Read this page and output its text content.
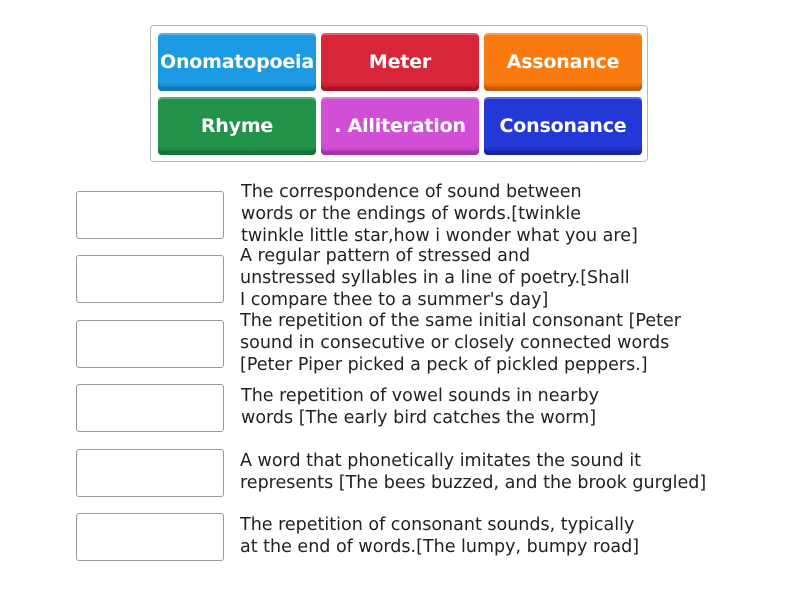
Onomatopoeia	Meter	Assonance
Rhyme	. Alliteration Consonance
The correspondence of sound between
words or the endings of words.[twinkle
twinkle little star,how i wonder what you are]
A regular pattern of stressed and
unstressed syllables in a line of poetry.[Shall
I compare thee to a summer's day]
The repetition of the same initial consonant [Peter
sound in consecutive or closely connected words
[Peter Piper picked a peck of pickled peppers.]
The repetition of vowel sounds in nearby
words [The early bird catches the worm]
A word that phonetically imitates the sound it
represents [The bees buzzed, and the brook gurgled]
The repetition of consonant sounds, typically
at the end of words.[The lumpy, bumpy road]
